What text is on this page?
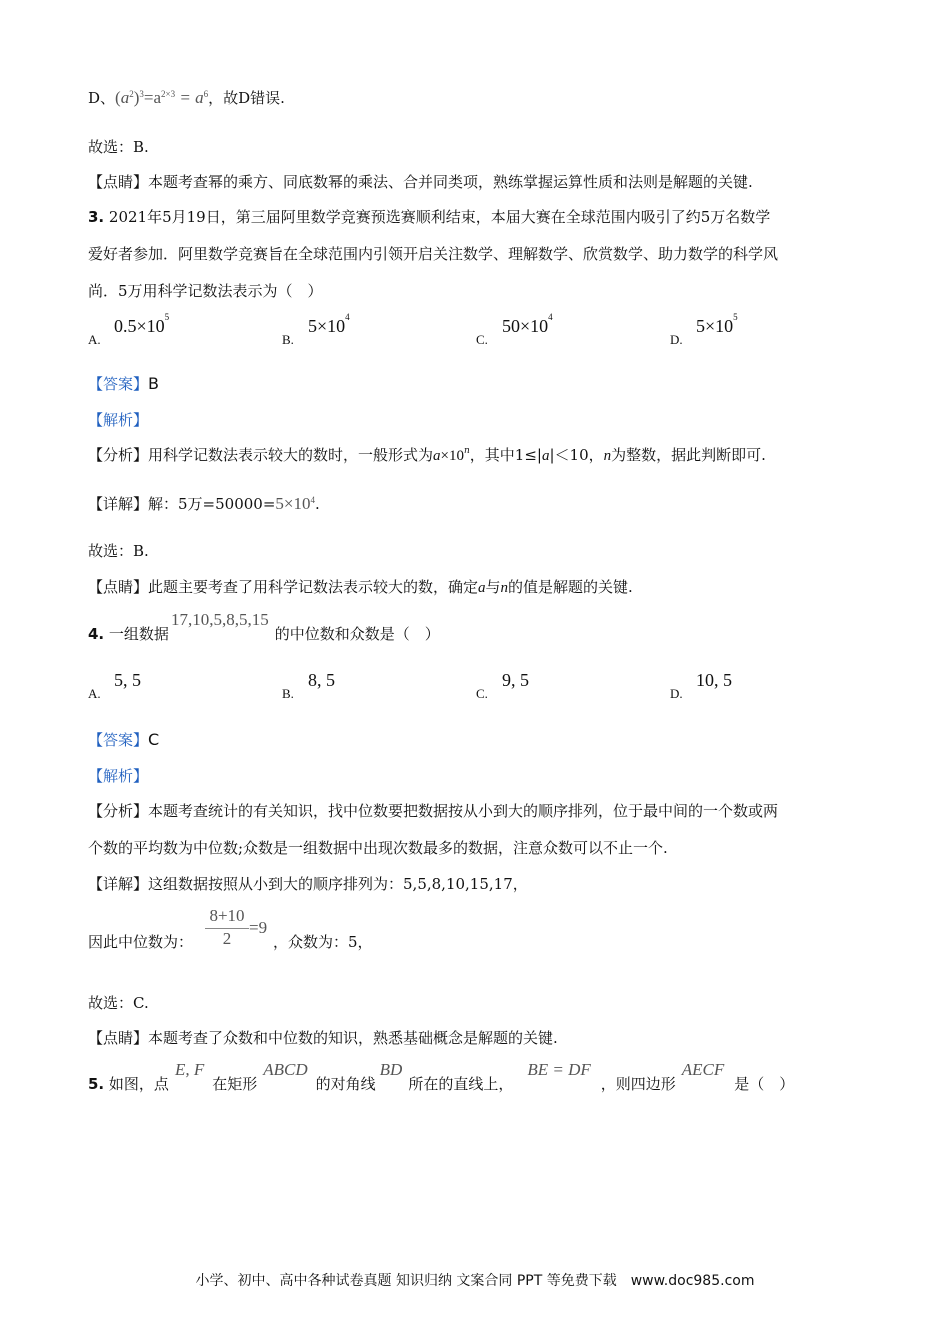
D、$(a^2)^3=a^{2\times 3} = a^6$，故D错误.
故选：B.
【点睛】本题考查幂的乘方、同底数幂的乘法、合并同类项，熟练掌握运算性质和法则是解题的关键.
3. 2021年5月19日，第三届阿里数学竞赛预选赛顺利结束，本届大赛在全球范围内吸引了约5万名数学
爱好者参加．阿里数学竞赛旨在全球范围内引领开启关注数学、理解数学、欣赏数学、助力数学的科学风
尚．5万用科学记数法表示为（　）
A.
$0.5\times 10^5$
B.
$5\times 10^4$
C.
$50\times 10^4$
D.
$5\times 10^5$
【答案】B
【解析】
【分析】用科学记数法表示较大的数时，一般形式为$a\times 10^n$，其中1≤|a|＜10，n为整数，据此判断即可.
【详解】解：5万$=50000=5\times 10^4$.
故选：B.
【点睛】此题主要考查了用科学记数法表示较大的数，确定a与n的值是解题的关键.
4. 一组数据17,10,5,8,5,15的中位数和众数是（　）
A.
5, 5
B.
8, 5
C.
9, 5
D.
10, 5
【答案】C
【解析】
【分析】本题考查统计的有关知识，找中位数要把数据按从小到大的顺序排列，位于最中间的一个数或两
个数的平均数为中位数;众数是一组数据中出现次数最多的数据，注意众数可以不止一个.
【详解】这组数据按照从小到大的顺序排列为：5,5,8,10,15,17，
因此中位数为：	，众数为：5，
$\frac{8+10}{2} =9$
故选：C.
【点睛】本题考查了众数和中位数的知识，熟悉基础概念是解题的关键.
5. 如图，点E, F在矩形ABCD的对角线BD所在的直线上，BE = DF，则四边形AECF是（　）
小学、初中、高中各种试卷真题 知识归纳 文案合同 PPT 等免费下载　www.doc985.com
